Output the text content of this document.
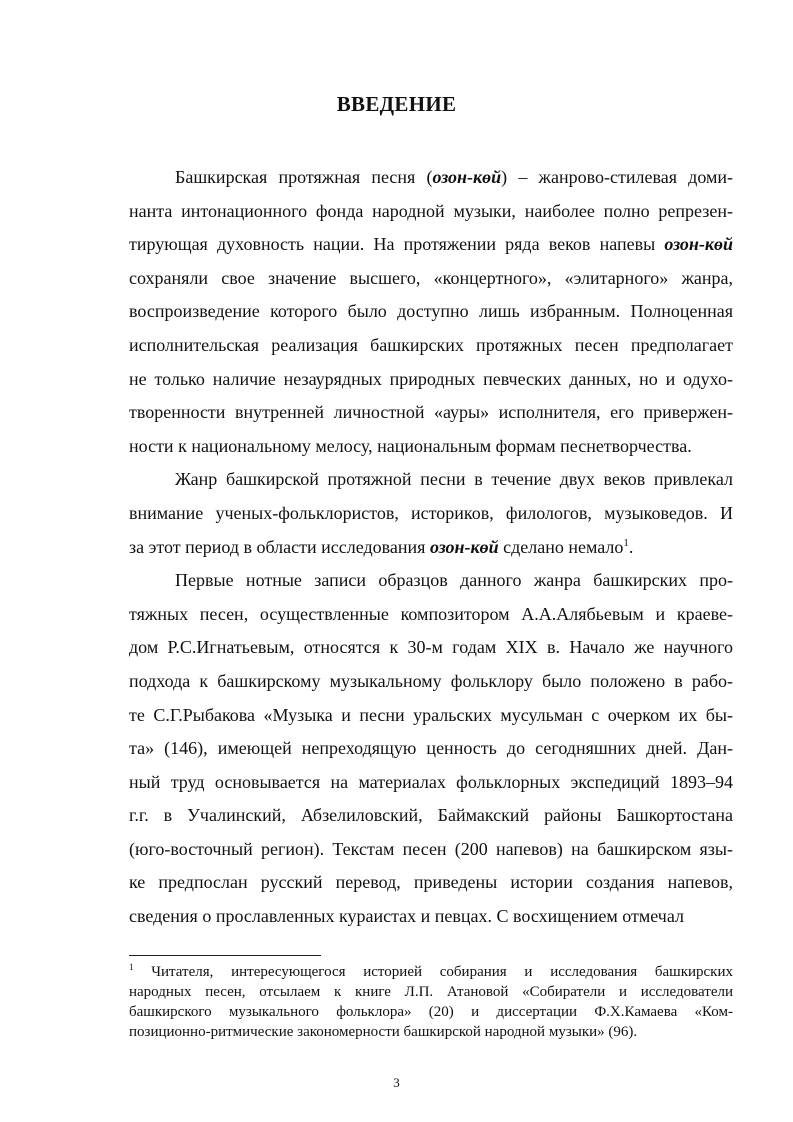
ВВЕДЕНИЕ

Башкирская протяжная песня (озон-көй) – жанрово-стилевая доми-
нанта интонационного фонда народной музыки, наиболее полно репрезен-
тирующая духовность нации. На протяжении ряда веков напевы озон-көй
сохраняли свое значение высшего, «концертного», «элитарного» жанра,
воспроизведение которого было доступно лишь избранным. Полноценная
исполнительская реализация башкирских протяжных песен предполагает
не только наличие незаурядных природных певческих данных, но и одухо-
творенности внутренней личностной «ауры» исполнителя, его привержен-
ности к национальному мелосу, национальным формам песнетворчества.

Жанр башкирской протяжной песни в течение двух веков привлекал
внимание ученых-фольклористов, историков, филологов, музыковедов. И
за этот период в области исследования озон-көй сделано немало$^1$.

Первые нотные записи образцов данного жанра башкирских про-
тяжных песен, осуществленные композитором А.А.Алябьевым и краеве-
дом Р.С.Игнатьевым, относятся к 30-м годам XIX в. Начало же научного
подхода к башкирскому музыкальному фольклору было положено в рабо-
те С.Г.Рыбакова «Музыка и песни уральских мусульман с очерком их бы-
та» (146), имеющей непреходящую ценность до сегодняшних дней. Дан-
ный труд основывается на материалах фольклорных экспедиций 1893–94
г.г. в Учалинский, Абзелиловский, Баймакский районы Башкортостана
(юго-восточный регион). Текстам песен (200 напевов) на башкирском язы-
ке предпослан русский перевод, приведены истории создания напевов,
сведения о прославленных кураистах и певцах. С восхищением отмечал

$^1$ Читателя, интересующегося историей собирания и исследования башкирских
народных песен, отсылаем к книге Л.П. Атановой «Собиратели и исследователи
башкирского музыкального фольклора» (20) и диссертации Ф.Х.Камаева «Ком-
позиционно-ритмические закономерности башкирской народной музыки» (96).
3
